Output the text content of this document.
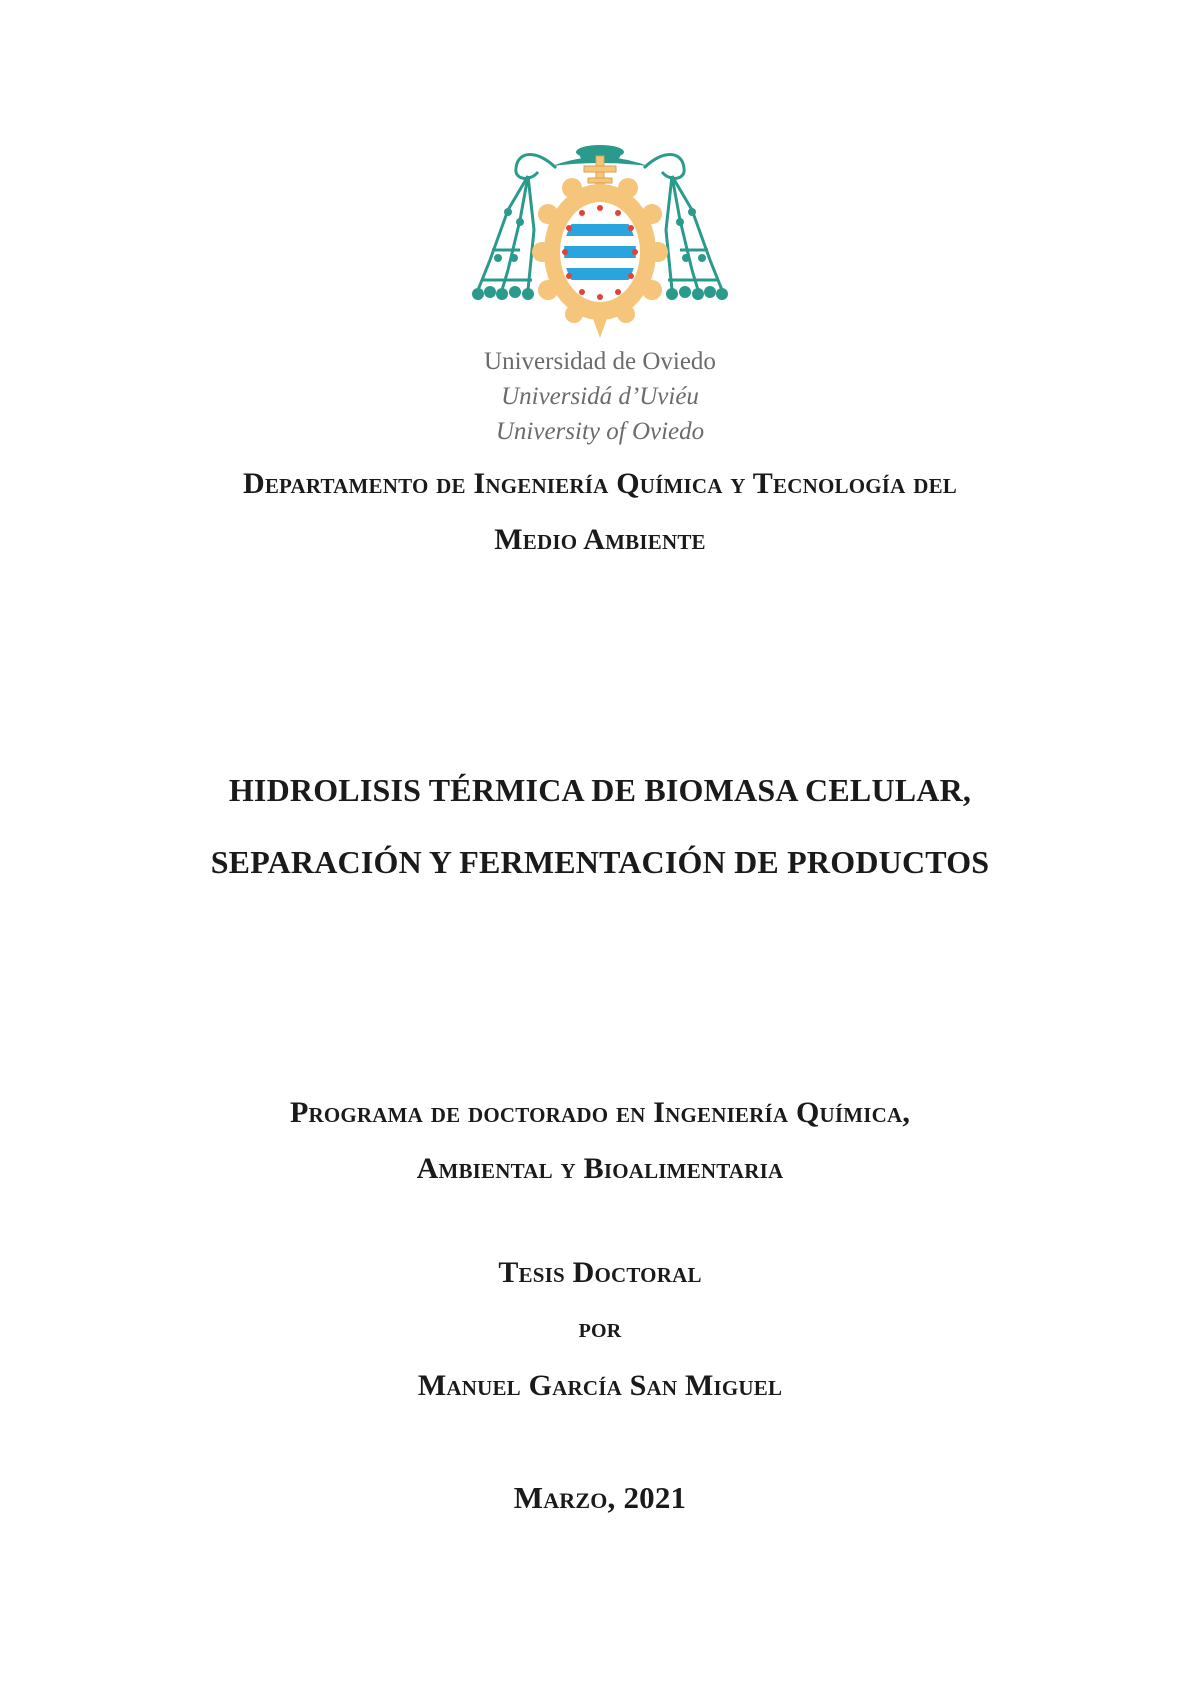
Universidad de Oviedo
Universidá d’Uviéu
University of Oviedo
Departamento de Ingeniería Química y Tecnología del
Medio Ambiente
HIDROLISIS TÉRMICA DE BIOMASA CELULAR,
SEPARACIÓN Y FERMENTACIÓN DE PRODUCTOS
Programa de doctorado en Ingeniería Química,
Ambiental y Bioalimentaria
Tesis Doctoral
por
Manuel García San Miguel
Marzo, 2021
